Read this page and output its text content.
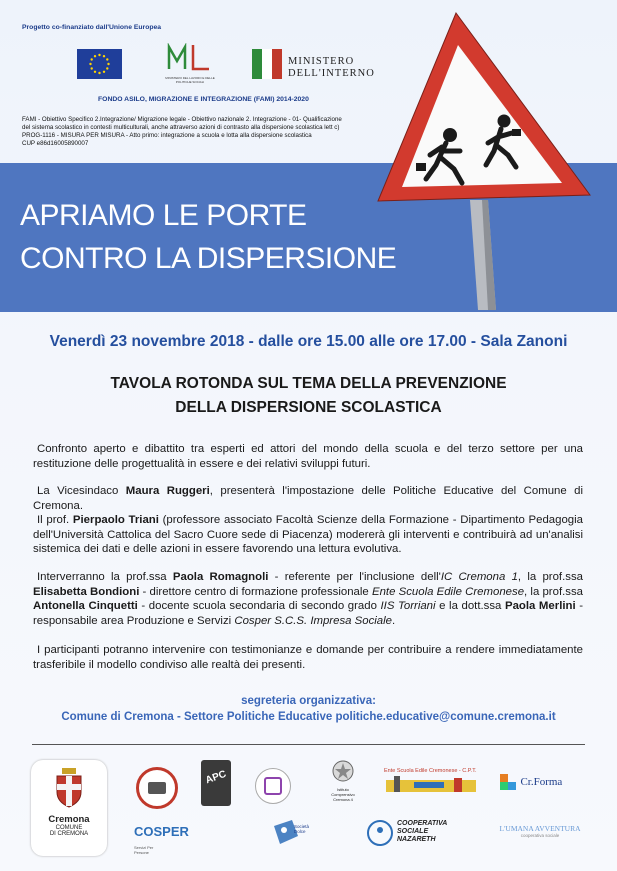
Progetto co-finanziato dall'Unione Europea
MINISTERO DEL LAVORO E DELLE POLITICHE SOCIALI
MINISTERO
DELL'INTERNO
FONDO ASILO, MIGRAZIONE E INTEGRAZIONE (FAMI) 2014-2020
FAMI - Obiettivo Specifico 2.Integrazione/ Migrazione legale - Obiettivo nazionale 2. Integrazione - 01- Qualificazione
del sistema scolastico in contesti multiculturali, anche attraverso azioni di contrasto alla dispersione scolastica lett c)
PROG-1116 - MISURA PER MISURA - Atto primo: integrazione a scuola e lotta alla dispersione scolastica
CUP e86d16005890007
APRIAMO LE PORTE
CONTRO LA DISPERSIONE
Venerdì 23 novembre 2018 - dalle ore 15.00 alle ore 17.00 - Sala Zanoni
TAVOLA ROTONDA SUL TEMA DELLA PREVENZIONE
DELLA DISPERSIONE SCOLASTICA
Confronto aperto e dibattito tra esperti ed attori del mondo della scuola e del terzo settore per una restituzione delle progettualità in essere e dei relativi sviluppi futuri.
La Vicesindaco Maura Ruggeri, presenterà l'impostazione delle Politiche Educative del Comune di Cremona.
Il prof. Pierpaolo Triani (professore associato Facoltà Scienze della Formazione - Dipartimento Pedagogia dell'Università Cattolica del Sacro Cuore sede di Piacenza) modererà gli interventi e contribuirà ad un'analisi sistemica dei dati e delle azioni in essere favorendo una lettura evolutiva.
Interverranno la prof.ssa Paola Romagnoli - referente per l'inclusione dell'IC Cremona 1, la prof.ssa Elisabetta Bondioni - direttore centro di formazione professionale Ente Scuola Edile Cremonese, la prof.ssa Antonella Cinquetti - docente scuola secondaria di secondo grado IIS Torriani e la dott.ssa Paola Merlini - responsabile area Produzione e Servizi Cosper S.C.S. Impresa Sociale.
I participanti potranno intervenire con testimonianze e domande per contribuire a rendere immediatamente trasferibile il modello condiviso alle realtà dei presenti.
segreteria organizzativa:
Comune di Cremona - Settore Politiche Educative politiche.educative@comune.cremona.it
Cremona
COMUNE
DI CREMONA
APC
Istituto Comprensivo Cremona 4
Ente Scuola Edile Cremonese - C.P.T.
Cr.Forma
COSPER Servizi Per Persone
Società Dolce
COOPERATIVA
SOCIALE
NAZARETH
L'UMANA AVVENTURA
cooperativa sociale
